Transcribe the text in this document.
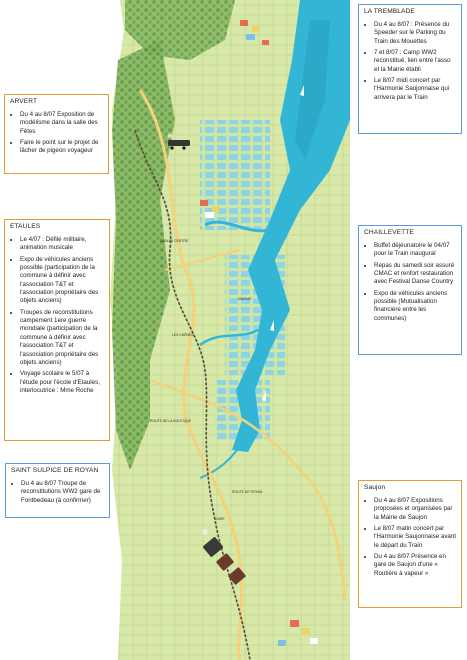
SABLES CENTRE
LES CHÊNES
ROUTE DE LA BOUTIQUE
ROUTE DE ROYAN
MARAIS
GARE
ARVERT
• Du 4 au 8/07 Exposition de modélisme dans la salle des Fêtes
• Faire le point sur le projet de lâcher de pigeon voyageur
ETAULES
• Le 4/07 : Défilé militaire, animation musicale
• Expo de véhicules anciens possible (participation de la commune à définir avec l'association T&T et l'association propriétaire des objets anciens)
• Troupes de reconstitutions campement 1ere guerre mondiale (participation de la commune à définir avec l'association T&T et l'association propriétaire des objets anciens)
• Voyage scolaire le 5/07 à l'étude pour l'école d'Etaules, interlocutrice : Mme Roche
SAINT SULPICE DE ROYAN
• Du 4 au 8/07 Troupe de reconstitutions WW2 gare de Fontbedeau (à confirmer)
LA TREMBLADE
• Du 4 au 8/07 : Présence du Speeder sur le Parking du Train des Mouettes
• 7 et 8/07 : Camp WW2 reconstitué, lien entre l'asso et la Mairie établi
• Le 8/07 midi concert par l'Harmonie Saujonnaise qui arrivera par le Train
CHAILLEVETTE
• Buffet déjeunatoire le 04/07 pour le Train inaugural
• Repas du samedi soir assuré CMAC et renfort restauration avec Festival Danse Country
• Expo de véhicules anciens possible (Mutualisation financière entre les communes)
Saujon
• Du 4 au 8/07 Expositions proposées et organisées par la Mairie de Saujon
• Le 8/07 matin concert par l'Harmonie Saujonnaise avant le départ du Train
• Du 4 au 8/07 Présence en gare de Saujon d'une « Routière à vapeur »
